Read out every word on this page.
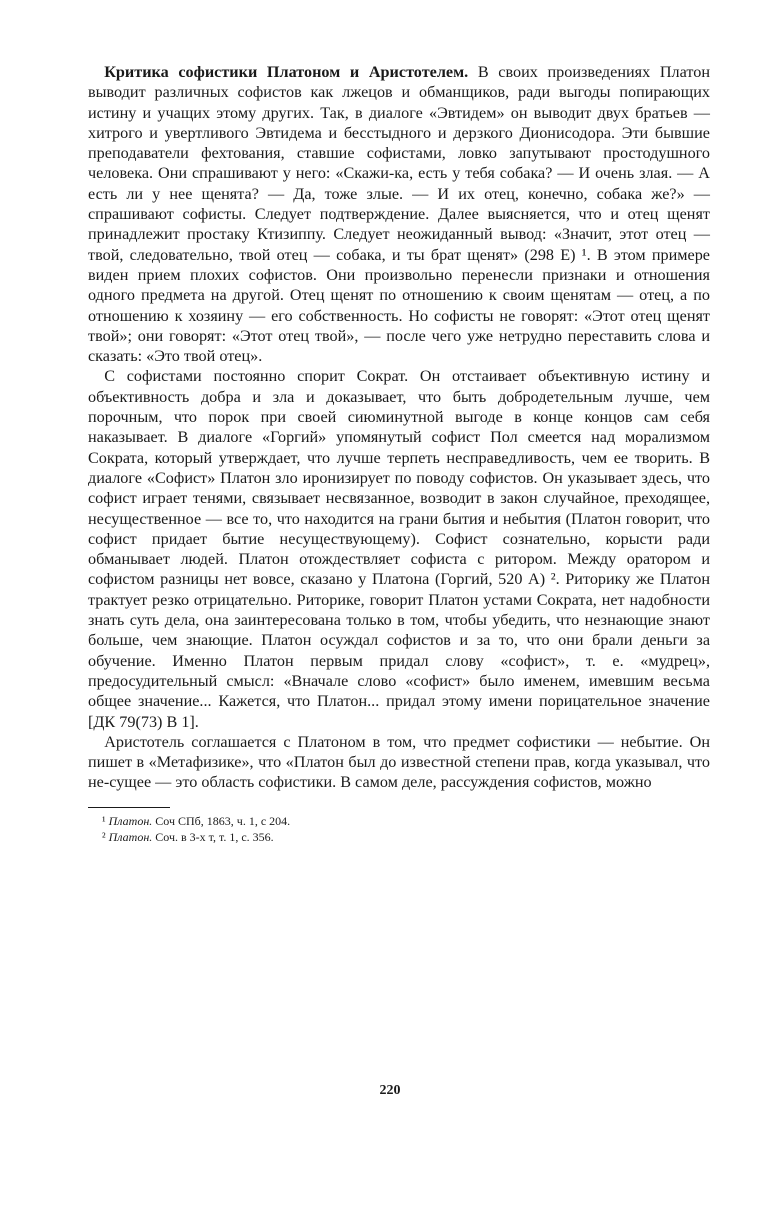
 Критика софистики Платоном и Аристотелем. В своих произведениях Платон выводит различных софистов как лжецов и обманщиков, ради выгоды попирающих истину и учащих этому других. Так, в диалоге «Эвтидем» он выводит двух братьев — хитрого и увертливого Эвтидема и бесстыдного и дерзкого Дионисодора. Эти бывшие преподаватели фехтования, ставшие софистами, ловко запутывают простодушного человека. Они спрашивают у него: «Скажи-ка, есть у тебя собака? — И очень злая. — А есть ли у нее щенята? — Да, тоже злые. — И их отец, конечно, собака же?» — спрашивают софисты. Следует подтверждение. Далее выясняется, что и отец щенят принадлежит простаку Ктизиппу. Следует неожиданный вывод: «Значит, этот отец — твой, следовательно, твой отец — собака, и ты брат щенят» (298 Е) ¹. В этом примере виден прием плохих софистов. Они произвольно перенесли признаки и отношения одного предмета на другой. Отец щенят по отношению к своим щенятам — отец, а по отношению к хозяину — его собственность. Но софисты не говорят: «Этот отец щенят твой»; они говорят: «Этот отец твой», — после чего уже нетрудно переставить слова и сказать: «Это твой отец».

 С софистами постоянно спорит Сократ. Он отстаивает объективную истину и объективность добра и зла и доказывает, что быть добродетельным лучше, чем порочным, что порок при своей сиюминутной выгоде в конце концов сам себя наказывает. В диалоге «Горгий» упомянутый софист Пол смеется над морализмом Сократа, который утверждает, что лучше терпеть несправедливость, чем ее творить. В диалоге «Софист» Платон зло иронизирует по поводу софистов. Он указывает здесь, что софист играет тенями, связывает несвязанное, возводит в закон случайное, преходящее, несущественное — все то, что находится на грани бытия и небытия (Платон говорит, что софист придает бытие несуществующему). Софист сознательно, корысти ради обманывает людей. Платон отождествляет софиста с ритором. Между оратором и софистом разницы нет вовсе, сказано у Платона (Горгий, 520 А) ². Риторику же Платон трактует резко отрицательно. Риторике, говорит Платон устами Сократа, нет надобности знать суть дела, она заинтересована только в том, чтобы убедить, что незнающие знают больше, чем знающие. Платон осуждал софистов и за то, что они брали деньги за обучение. Именно Платон первым придал слову «софист», т. е. «мудрец», предосудительный смысл: «Вначале слово «софист» было именем, имевшим весьма общее значение... Кажется, что Платон... придал этому имени порицательное значение [ДК 79(73) В 1].

 Аристотель соглашается с Платоном в том, что предмет софистики — небытие. Он пишет в «Метафизике», что «Платон был до известной степени прав, когда указывал, что не-сущее — это область софистики. В самом деле, рассуждения софистов, можно

 ¹ Платон. Соч СПб, 1863, ч. 1, с 204.

 ² Платон. Соч. в 3-х т, т. 1, с. 356.

220
